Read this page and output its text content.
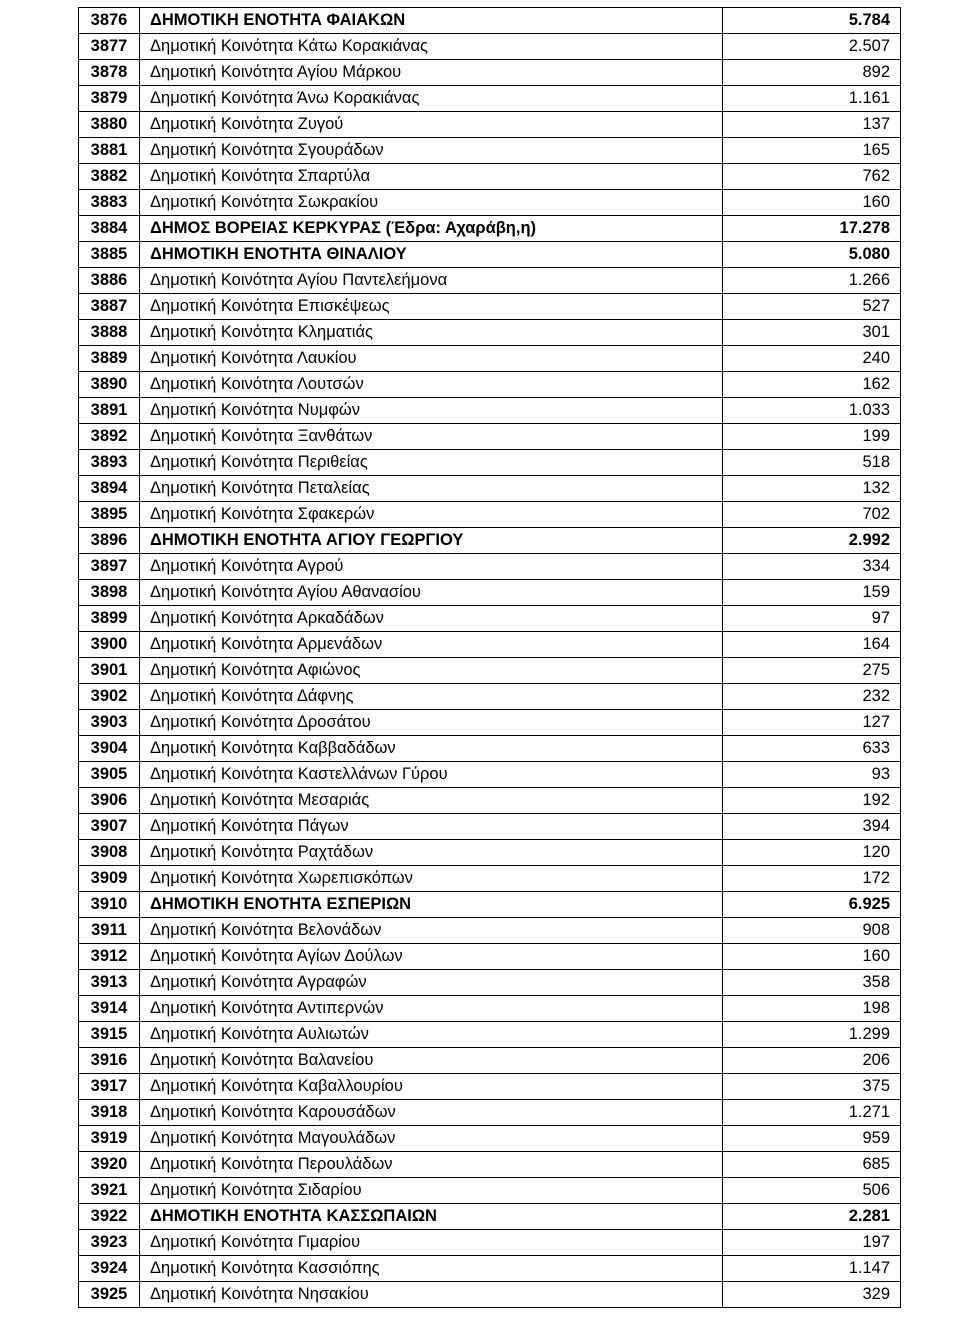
3876	ΔΗΜΟΤΙΚΗ ΕΝΟΤΗΤΑ ΦΑΙΑΚΩΝ	5.784
3877	Δημοτική Κοινότητα Κάτω Κορακιάνας	2.507
3878	Δημοτική Κοινότητα Αγίου Μάρκου	892
3879	Δημοτική Κοινότητα Άνω Κορακιάνας	1.161
3880	Δημοτική Κοινότητα Ζυγού	137
3881	Δημοτική Κοινότητα Σγουράδων	165
3882	Δημοτική Κοινότητα Σπαρτύλα	762
3883	Δημοτική Κοινότητα Σωκρακίου	160
3884	ΔΗΜΟΣ ΒΟΡΕΙΑΣ ΚΕΡΚΥΡΑΣ (Έδρα: Αχαράβη,η)	17.278
3885	ΔΗΜΟΤΙΚΗ ΕΝΟΤΗΤΑ ΘΙΝΑΛΙΟΥ	5.080
3886	Δημοτική Κοινότητα Αγίου Παντελεήμονα	1.266
3887	Δημοτική Κοινότητα Επισκέψεως	527
3888	Δημοτική Κοινότητα Κληματιάς	301
3889	Δημοτική Κοινότητα Λαυκίου	240
3890	Δημοτική Κοινότητα Λουτσών	162
3891	Δημοτική Κοινότητα Νυμφών	1.033
3892	Δημοτική Κοινότητα Ξανθάτων	199
3893	Δημοτική Κοινότητα Περιθείας	518
3894	Δημοτική Κοινότητα Πεταλείας	132
3895	Δημοτική Κοινότητα Σφακερών	702
3896	ΔΗΜΟΤΙΚΗ ΕΝΟΤΗΤΑ ΑΓΙΟΥ ΓΕΩΡΓΙΟΥ	2.992
3897	Δημοτική Κοινότητα Αγρού	334
3898	Δημοτική Κοινότητα Αγίου Αθανασίου	159
3899	Δημοτική Κοινότητα Αρκαδάδων	97
3900	Δημοτική Κοινότητα Αρμενάδων	164
3901	Δημοτική Κοινότητα Αφιώνος	275
3902	Δημοτική Κοινότητα Δάφνης	232
3903	Δημοτική Κοινότητα Δροσάτου	127
3904	Δημοτική Κοινότητα Καββαδάδων	633
3905	Δημοτική Κοινότητα Καστελλάνων Γύρου	93
3906	Δημοτική Κοινότητα Μεσαριάς	192
3907	Δημοτική Κοινότητα Πάγων	394
3908	Δημοτική Κοινότητα Ραχτάδων	120
3909	Δημοτική Κοινότητα Χωρεπισκόπων	172
3910	ΔΗΜΟΤΙΚΗ ΕΝΟΤΗΤΑ ΕΣΠΕΡΙΩΝ	6.925
3911	Δημοτική Κοινότητα Βελονάδων	908
3912	Δημοτική Κοινότητα Αγίων Δούλων	160
3913	Δημοτική Κοινότητα Αγραφών	358
3914	Δημοτική Κοινότητα Αντιπερνών	198
3915	Δημοτική Κοινότητα Αυλιωτών	1.299
3916	Δημοτική Κοινότητα Βαλανείου	206
3917	Δημοτική Κοινότητα Καβαλλουρίου	375
3918	Δημοτική Κοινότητα Καρουσάδων	1.271
3919	Δημοτική Κοινότητα Μαγουλάδων	959
3920	Δημοτική Κοινότητα Περουλάδων	685
3921	Δημοτική Κοινότητα Σιδαρίου	506
3922	ΔΗΜΟΤΙΚΗ ΕΝΟΤΗΤΑ ΚΑΣΣΩΠΑΙΩΝ	2.281
3923	Δημοτική Κοινότητα Γιμαρίου	197
3924	Δημοτική Κοινότητα Κασσιόπης	1.147
3925	Δημοτική Κοινότητα Νησακίου	329
